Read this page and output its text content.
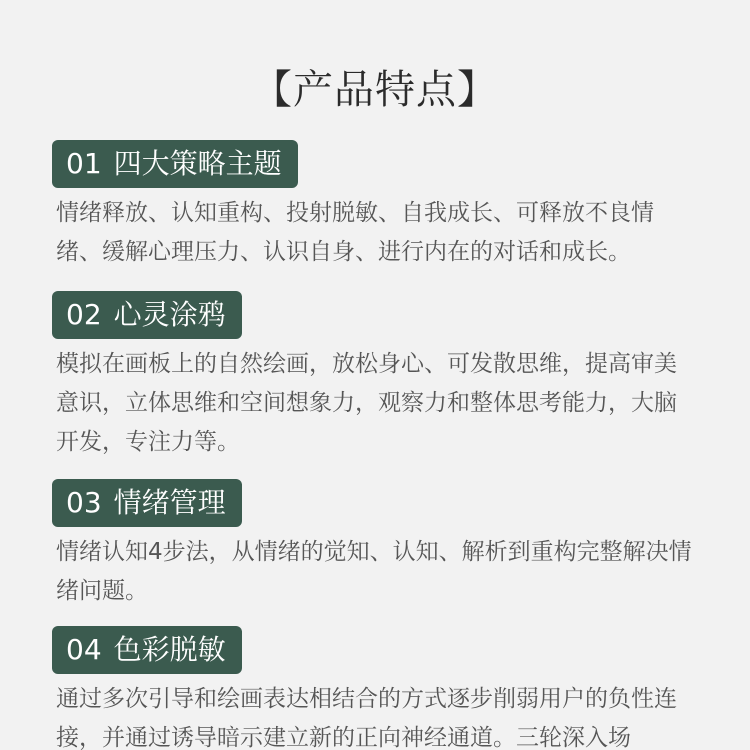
【产品特点】
01 四大策略主题
情绪释放、认知重构、投射脱敏、自我成长、可释放不良情绪、缓解心理压力、认识自身、进行内在的对话和成长。
02 心灵涂鸦
模拟在画板上的自然绘画，放松身心、可发散思维，提高审美意识，立体思维和空间想象力，观察力和整体思考能力，大脑开发，专注力等。
03 情绪管理
情绪认知4步法，从情绪的觉知、认知、解析到重构完整解决情绪问题。
04 色彩脱敏
通过多次引导和绘画表达相结合的方式逐步削弱用户的负性连接，并通过诱导暗示建立新的正向神经通道。三轮深入场
